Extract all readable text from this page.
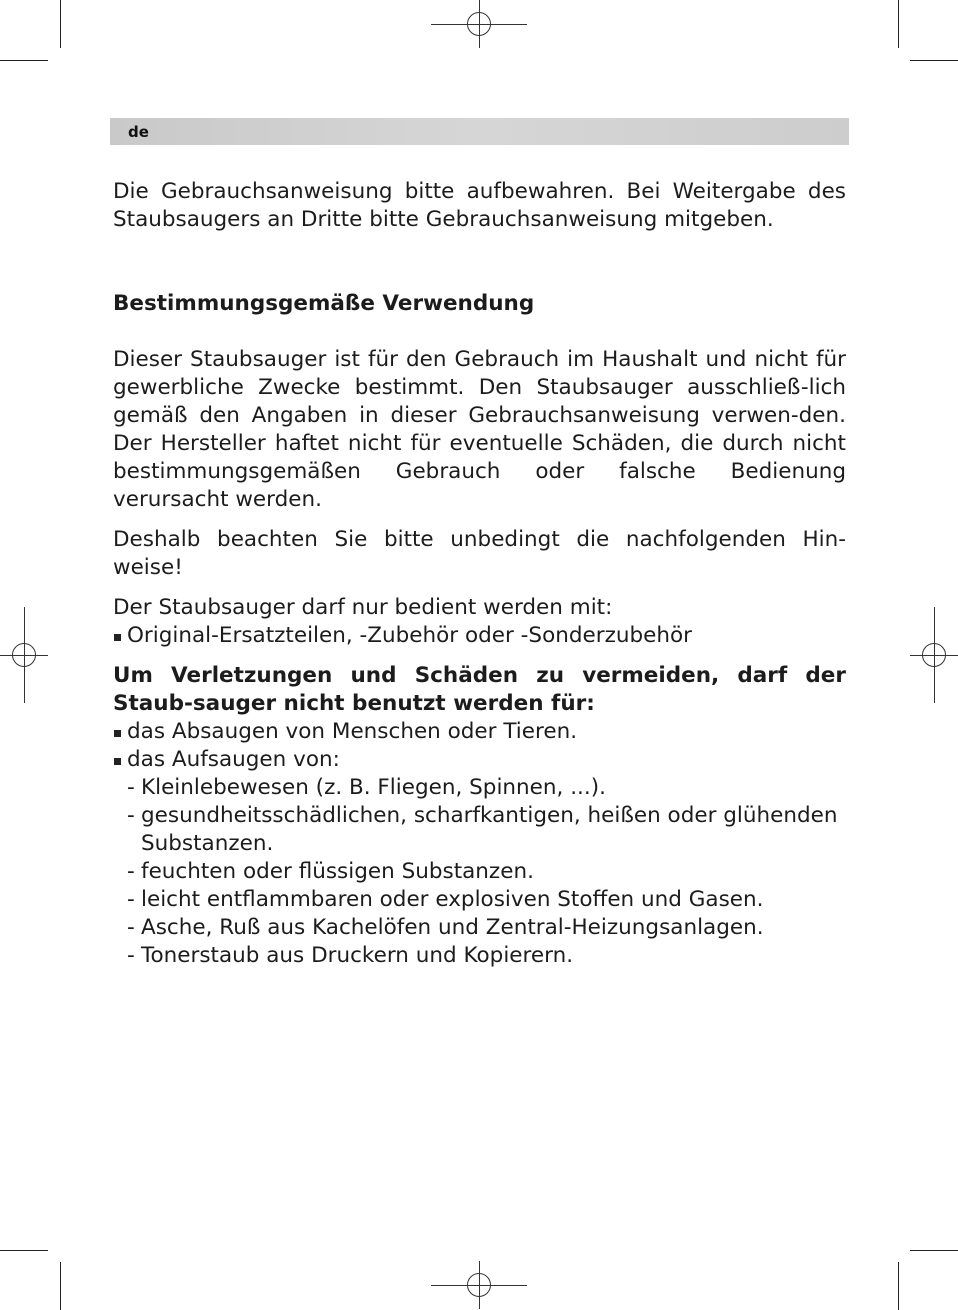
de

Die Gebrauchsanweisung bitte aufbewahren. Bei Weitergabe des Staubsaugers an Dritte bitte Gebrauchsanweisung mitgeben.

Bestimmungsgemäße Verwendung

Dieser Staubsauger ist für den Gebrauch im Haushalt und nicht für gewerbliche Zwecke bestimmt. Den Staubsauger ausschließ-lich gemäß den Angaben in dieser Gebrauchsanweisung verwen-den. Der Hersteller haftet nicht für eventuelle Schäden, die durch nicht bestimmungsgemäßen Gebrauch oder falsche Bedienung verursacht werden.

Deshalb beachten Sie bitte unbedingt die nachfolgenden Hin-weise!

Der Staubsauger darf nur bedient werden mit:

Original-Ersatzteilen, -Zubehör oder -Sonderzubehör

Um Verletzungen und Schäden zu vermeiden, darf der Staub-sauger nicht benutzt werden für:

das Absaugen von Menschen oder Tieren.
das Aufsaugen von:
- Kleinlebewesen (z. B. Fliegen, Spinnen, ...).
- gesundheitsschädlichen, scharfkantigen, heißen oder glühenden Substanzen.
- feuchten oder flüssigen Substanzen.
- leicht entflammbaren oder explosiven Stoffen und Gasen.
- Asche, Ruß aus Kachelöfen und Zentral-Heizungsanlagen.
- Tonerstaub aus Druckern und Kopierern.
